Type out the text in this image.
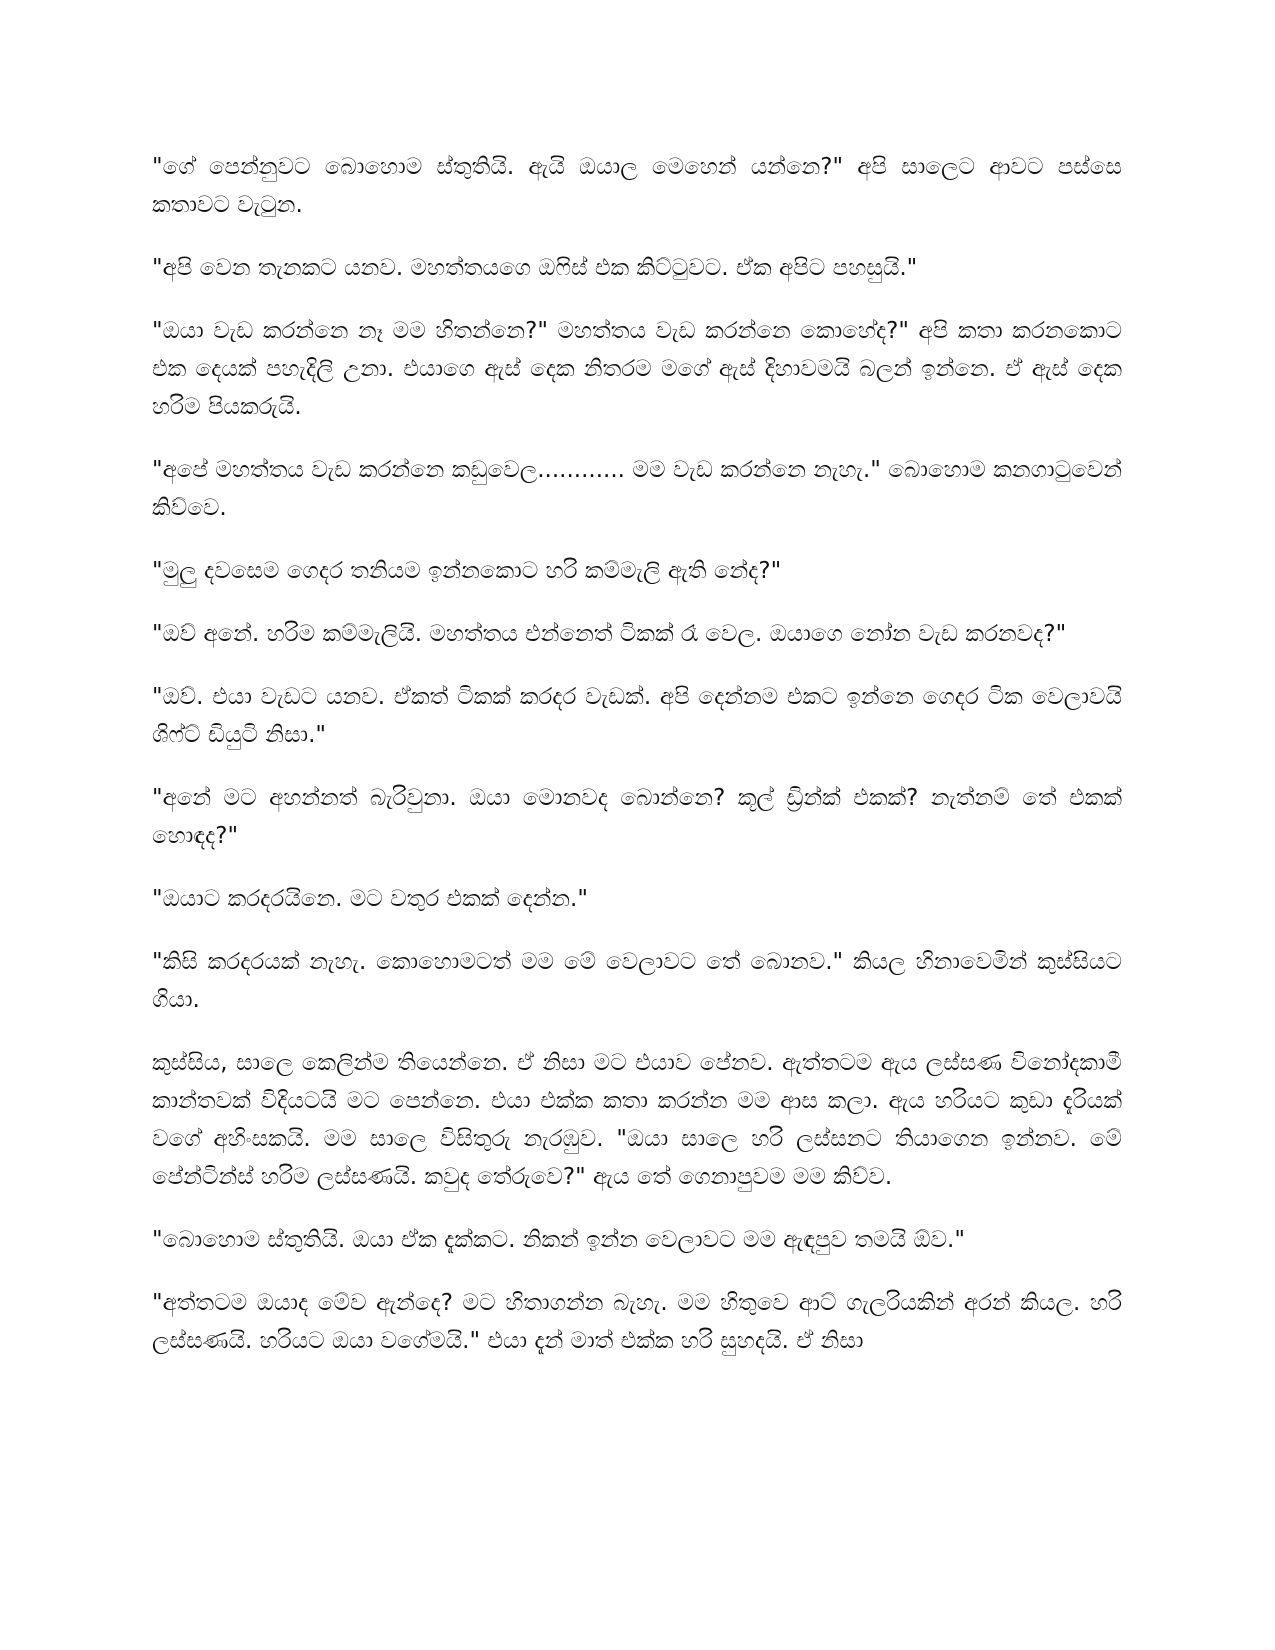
"ගේ පෙන්නුවට බොහොම ස්තුතියි. ඇයි ඔයාල මෙහෙන් යන්නෙ?" අපි සාලෙට ආවට පස්සෙ කතාවට වැටුන.

"අපි වෙන තැනකට යනව. මහත්තයගෙ ඔෆිස් එක කිට්ටුවට. ඒක අපිට පහසුයි."

"ඔයා වැඩ කරන්නෙ නෑ මම හිතන්නෙ?" මහත්තය වැඩ කරන්නෙ කොහේද?" අපි කතා කරනකොට එක දෙයක් පහැදිලි උනා. එයාගෙ ඇස් දෙක නිතරම මගේ ඇස් දිහාවමයි බලන් ඉන්නෙ. ඒ ඇස් දෙක හරිම පියකරුයි.

"අපේ මහත්තය වැඩ කරන්නෙ කඩුවෙල............ මම වැඩ කරන්නෙ නැහැ." බොහොම කනගාටුවෙන් කිව්වෙ.

"මුලු දවසෙම ගෙදර තනියම ඉන්නකොට හරි කම්මැලි ඇති නේද?"

"ඔව් අනේ. හරිම කම්මැලියි. මහත්තය එන්නෙත් ටිකක් රෑ වෙල. ඔයාගෙ නෝන වැඩ කරනවද?"

"ඔව්. එයා වැඩට යනව. ඒකත් ටිකක් කරදර වැඩක්. අපි දෙන්නම එකට ඉන්නෙ ගෙදර ටික වෙලාවයි ශිෆ්ට් ඩියුටි නිසා."

"අනේ මට අහන්නත් බැරිවුනා. ඔයා මොනවද බොන්නෙ? කූල් ඩ්‍රින්ක් එකක්? නැත්නම් තේ එකක් හොඳද?"

"ඔයාට කරදරයිනෙ. මට වතුර එකක් දෙන්න."

"කිසි කරදරයක් නැහැ. කොහොමටත් මම මේ වෙලාවට තේ බොනව." කියල හිනාවෙමින් කුස්සියට ගියා.

කුස්සිය, සාලෙ කෙලින්ම තියෙන්නෙ. ඒ නිසා මට එයාව පේනව. ඇත්තටම ඇය ලස්සණ විනෝදකාමී කාන්තවක් විදියටයි මට පෙන්නෙ. එයා එක්ක කතා කරන්න මම ආස කලා. ඇය හරියට කුඩා දැරියක් වගේ අහිංසකයි. මම සාලෙ විසිතුරු නැරඹුව. "ඔයා සාලෙ හරි ලස්සනට තියාගෙන ඉන්නව. මේ පේන්ටින්ස් හරිම ලස්සණයි. කවුද තේරුවෙ?" ඇය තේ ගෙනාපුවම මම කිව්ව.

"බොහොම ස්තුතියි. ඔයා ඒක දැක්කට. නිකන් ඉන්න වෙලාවට මම ඇඳපුව තමයි ඕව."

"අත්තටම ඔයාද මේව ඇන්දෙ? මට හිතාගන්න බැහැ. මම හිතුවෙ ආට් ගැලරියකින් අරන් කියල. හරි ලස්සණයි. හරියට ඔයා වගේමයි." එයා දැන් මාත් එක්ක හරි සුහදයි. ඒ නිසා
